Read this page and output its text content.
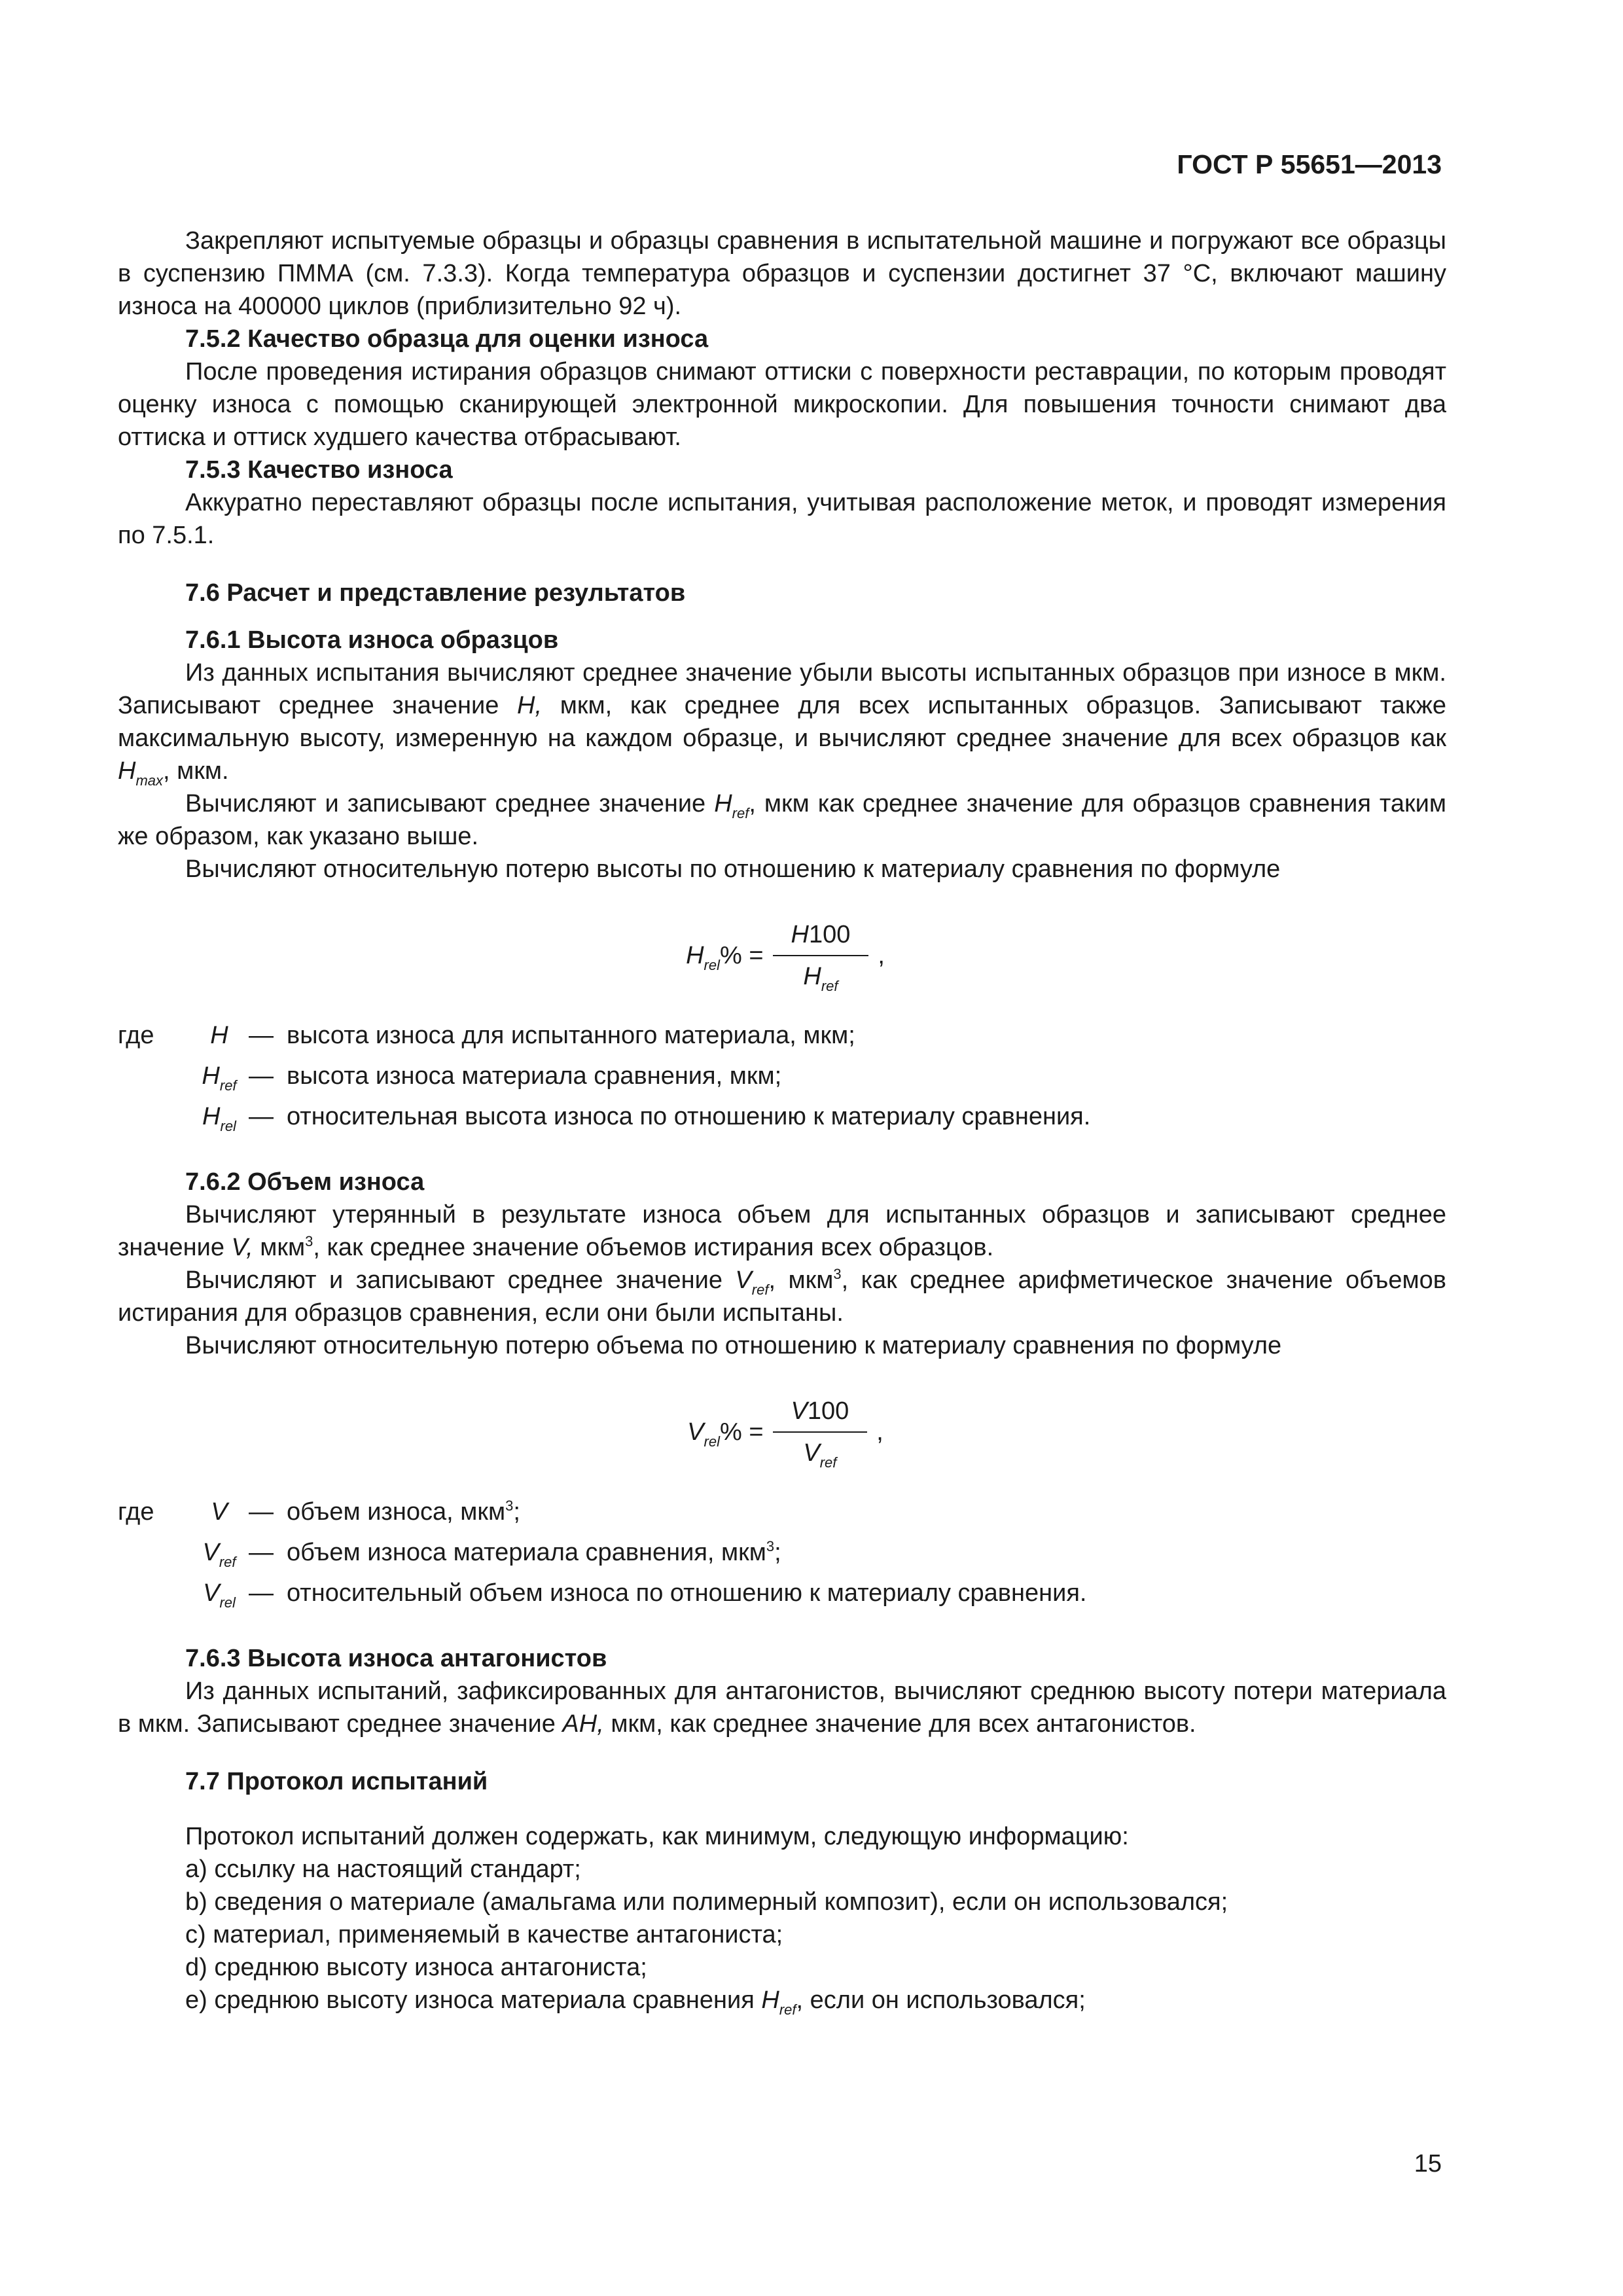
ГОСТ Р 55651—2013

Закрепляют испытуемые образцы и образцы сравнения в испытательной машине и погружают все образцы в суспензию ПММА (см. 7.3.3). Когда температура образцов и суспензии достигнет 37 °С, включают машину износа на 400000 циклов (приблизительно 92 ч).

7.5.2 Качество образца для оценки износа

После проведения истирания образцов снимают оттиски с поверхности реставрации, по которым проводят оценку износа с помощью сканирующей электронной микроскопии. Для повышения точности снимают два оттиска и оттиск худшего качества отбрасывают.

7.5.3 Качество износа

Аккуратно переставляют образцы после испытания, учитывая расположение меток, и проводят измерения по 7.5.1.

7.6 Расчет и представление результатов
7.6.1 Высота износа образцов

Из данных испытания вычисляют среднее значение убыли высоты испытанных образцов при износе в мкм. Записывают среднее значение H, мкм, как среднее для всех испытанных образцов. Записывают также максимальную высоту, измеренную на каждом образце, и вычисляют среднее значение для всех образцов как $H_{max}$, мкм.

Вычисляют и записывают среднее значение $H_{ref}$, мкм как среднее значение для образцов сравнения таким же образом, как указано выше.

Вычисляют относительную потерю высоты по отношению к материалу сравнения по формуле

$H_{rel}\% = \frac{H100}{H_{ref}}$ ,
где	H — высота износа для испытанного материала, мкм;
$H_{ref}$ — высота износа материала сравнения, мкм;
$H_{rel}$ — относительная высота износа по отношению к материалу сравнения.
7.6.2 Объем износа

Вычисляют утерянный в результате износа объем для испытанных образцов и записывают среднее значение V, мкм$^3$, как среднее значение объемов истирания всех образцов.

Вычисляют и записывают среднее значение $V_{ref}$, мкм$^3$, как среднее арифметическое значение объемов истирания для образцов сравнения, если они были испытаны.

Вычисляют относительную потерю объема по отношению к материалу сравнения по формуле

$V_{rel}\% = \frac{V100}{V_{ref}}$ ,
где	V — объем износа, мкм$^3$;
$V_{ref}$ — объем износа материала сравнения, мкм$^3$;
$V_{rel}$ — относительный объем износа по отношению к материалу сравнения.
7.6.3 Высота износа антагонистов

Из данных испытаний, зафиксированных для антагонистов, вычисляют среднюю высоту потери материала в мкм. Записывают среднее значение АН, мкм, как среднее значение для всех антагонистов.

7.7 Протокол испытаний

Протокол испытаний должен содержать, как минимум, следующую информацию:

a) ссылку на настоящий стандарт;

b) сведения о материале (амальгама или полимерный композит), если он использовался;

c) материал, применяемый в качестве антагониста;

d) среднюю высоту износа антагониста;

e) среднюю высоту износа материала сравнения $H_{ref}$, если он использовался;

15
